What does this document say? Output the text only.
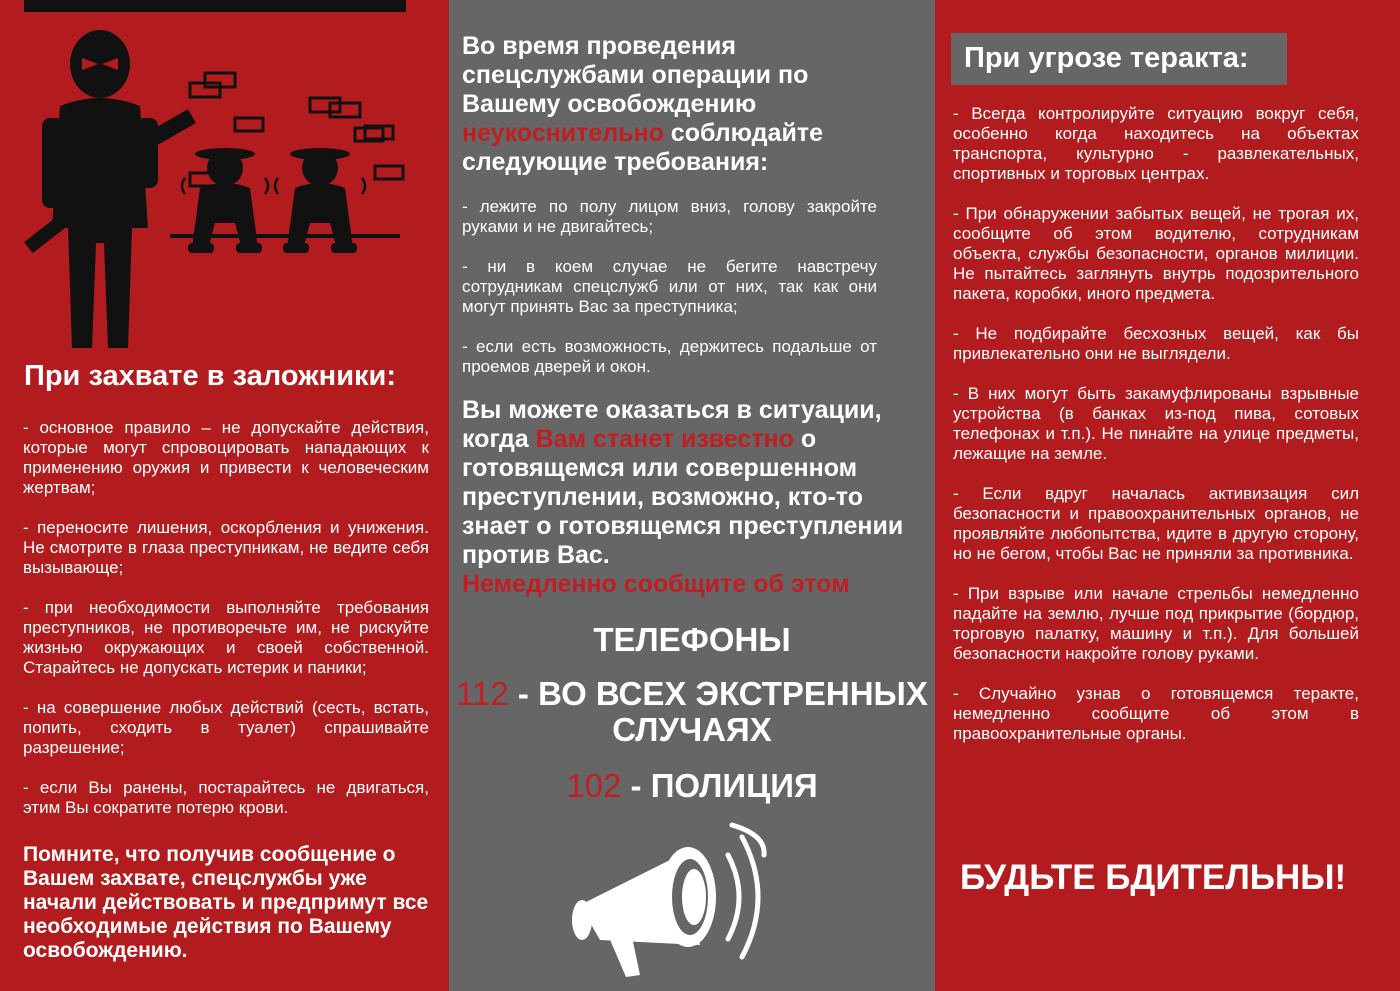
При захвате в заложники:

- основное правило – не допускайте действия, которые могут спровоцировать нападающих к применению оружия и привести к человеческим жертвам;

- переносите лишения, оскорбления и унижения. Не смотрите в глаза преступникам, не ведите себя вызывающе;

- при необходимости выполняйте требования преступников, не противоречьте им, не рискуйте жизнью окружающих и своей собственной. Старайтесь не допускать истерик и паники;

- на совершение любых действий (сесть, встать, попить, сходить в туалет) спрашивайте разрешение;

- если Вы ранены, постарайтесь не двигаться, этим Вы сократите потерю крови.

Помните, что получив сообщение о Вашем захвате, спецслужбы уже начали действовать и предпримут все необходимые действия по Вашему освобождению.
Во время проведения спецслужбами операции по Вашему освобождению неукоснительно соблюдайте следующие требования:

- лежите по полу лицом вниз, голову закройте руками и не двигайтесь;

- ни в коем случае не бегите навстречу сотрудникам спецслужб или от них, так как они могут принять Вас за преступника;

- если есть возможность, держитесь подальше от проемов дверей и окон.

Вы можете оказаться в ситуации, когда Вам станет известно о готовящемся или совершенном преступлении, возможно, кто-то знает о готовящемся преступлении против Вас.
Немедленно сообщите об этом
ТЕЛЕФОНЫ
112 - ВО ВСЕХ ЭКСТРЕННЫХ СЛУЧАЯХ
102 - ПОЛИЦИЯ
При угрозе теракта:

- Всегда контролируйте ситуацию вокруг себя, особенно когда находитесь на объектах транспорта, культурно - развлекательных, спортивных и торговых центрах.

- При обнаружении забытых вещей, не трогая их, сообщите об этом водителю, сотрудникам объекта, службы безопасности, органов милиции. Не пытайтесь заглянуть внутрь подозрительного пакета, коробки, иного предмета.

- Не подбирайте бесхозных вещей, как бы привлекательно они не выглядели.

- В них могут быть закамуфлированы взрывные устройства (в банках из-под пива, сотовых телефонах и т.п.). Не пинайте на улице предметы, лежащие на земле.

- Если вдруг началась активизация сил безопасности и правоохранительных органов, не проявляйте любопытства, идите в другую сторону, но не бегом, чтобы Вас не приняли за противника.

- При взрыве или начале стрельбы немедленно падайте на землю, лучше под прикрытие (бордюр, торговую палатку, машину и т.п.). Для большей безопасности накройте голову руками.

- Случайно узнав о готовящемся теракте, немедленно сообщите об этом в правоохранительные органы.

БУДЬТЕ БДИТЕЛЬНЫ!
